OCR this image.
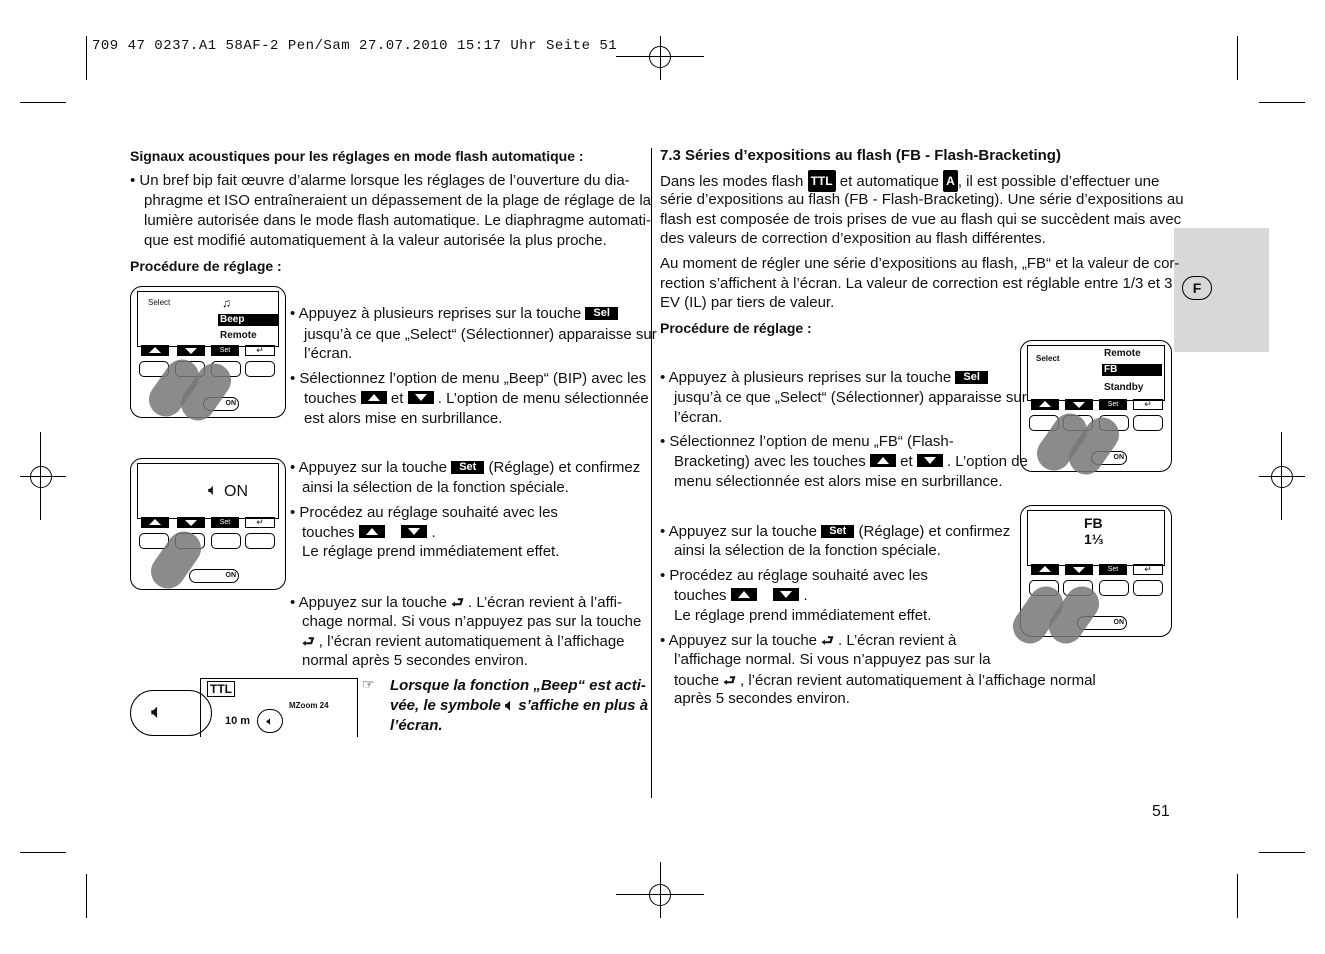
709 47 0237.A1 58AF-2 Pen/Sam 27.07.2010 15:17 Uhr Seite 51
F
Signaux acoustiques pour les réglages en mode flash automatique :
• Un bref bip fait œuvre d’alarme lorsque les réglages de l’ouverture du dia-
phragme et ISO entraîneraient un dépassement de la plage de réglage de la
lumière autorisée dans le mode flash automatique. Le diaphragme automati-
que est modifié automatiquement à la valeur autorisée la plus proche.
Procédure de réglage :
Select	♫
Beep
Remote
Set	↵
ON
• Appuyez à plusieurs reprises sur la touche Sel
jusqu’à ce que „Select“ (Sélectionner) apparaisse sur
l’écran.
• Sélectionnez l’option de menu „Beep“ (BIP) avec les
touches et . L’option de menu sélectionnée
est alors mise en surbrillance.
🔈︎ ON
Set	↵
ON
• Appuyez sur la touche Set (Réglage) et confirmez
ainsi la sélection de la fonction spéciale.
• Procédez au réglage souhaité avec les
touches	.
Le réglage prend immédiatement effet.
• Appuyez sur la touche ⮐ . L’écran revient à l’affi-
chage normal. Si vous n’appuyez pas sur la touche
⮐ , l’écran revient automatiquement à l’affichage
normal après 5 secondes environ.
🔈︎
TTL
MZoom 24
10 m	🔈︎
☞ Lorsque la fonction „Beep“ est acti-
vée, le symbole 🔈︎ s’affiche en plus à
l’écran.
7.3 Séries d’expositions au flash (FB - Flash-Bracketing)
Dans les modes flash TTL et automatique A , il est possible d’effectuer une
série d’expositions au flash (FB - Flash-Bracketing). Une série d’expositions au
flash est composée de trois prises de vue au flash qui se succèdent mais avec
des valeurs de correction d’exposition au flash différentes.
Au moment de régler une série d’expositions au flash, „FB“ et la valeur de cor-
rection s’affichent à l’écran. La valeur de correction est réglable entre 1/3 et 3
EV (IL) par tiers de valeur.
Procédure de réglage :
Select	Remote
FB
Standby
Set	↵
ON
• Appuyez à plusieurs reprises sur la touche Sel
jusqu’à ce que „Select“ (Sélectionner) apparaisse sur
l’écran.
• Sélectionnez l’option de menu „FB“ (Flash-
Bracketing) avec les touches et . L’option de
menu sélectionnée est alors mise en surbrillance.
FB
1⅓
Set	↵
ON
• Appuyez sur la touche Set (Réglage) et confirmez
ainsi la sélection de la fonction spéciale.
• Procédez au réglage souhaité avec les
touches	.
Le réglage prend immédiatement effet.
• Appuyez sur la touche ⮐ . L’écran revient à
l’affichage normal. Si vous n’appuyez pas sur la
touche ⮐ , l’écran revient automatiquement à l’affichage normal
après 5 secondes environ.
51
